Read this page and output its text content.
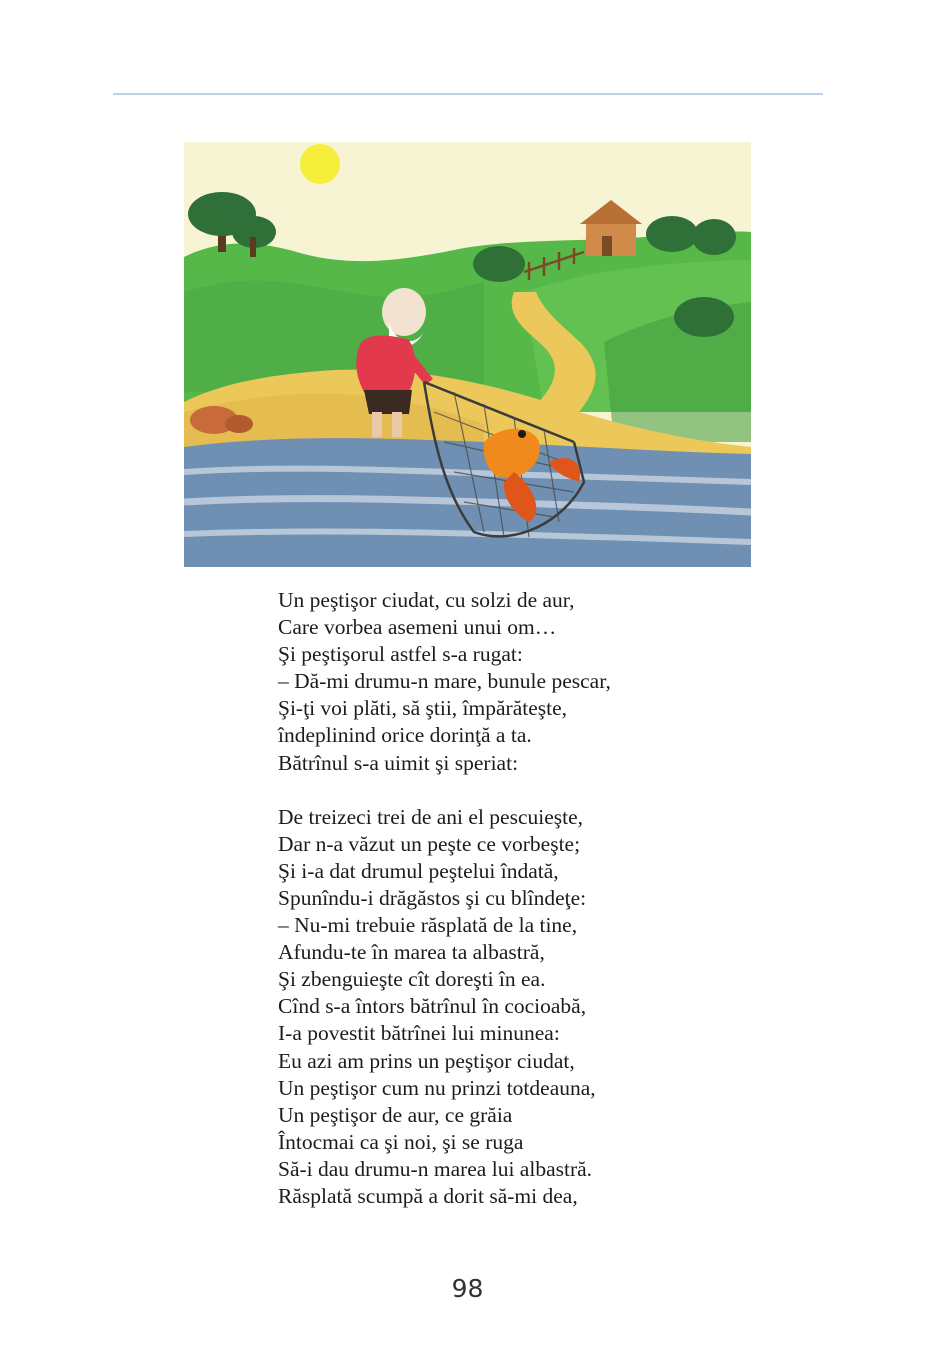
Un peştişor ciudat, cu solzi de aur,
Care vorbea asemeni unui om…
Şi peştişorul astfel s-a rugat:
– Dă-mi drumu-n mare, bunule pescar,
Şi-ţi voi plăti, să ştii, împărăteşte,
îndeplinind orice dorinţă a ta.
Bătrînul s-a uimit şi speriat:
De treizeci trei de ani el pescuieşte,
Dar n-a văzut un peşte ce vorbeşte;
Şi i-a dat drumul peştelui îndată,
Spunîndu-i drăgăstos şi cu blîndeţe:
– Nu-mi trebuie răsplată de la tine,
Afundu-te în marea ta albastră,
Şi zbenguieşte cît doreşti în ea.
Cînd s-a întors bătrînul în cocioabă,
I-a povestit bătrînei lui minunea:
Eu azi am prins un peştişor ciudat,
Un peştişor cum nu prinzi totdeauna,
Un peştişor de aur, ce grăia
Întocmai ca şi noi, şi se ruga
Să-i dau drumu-n marea lui albastră.
Răsplată scumpă a dorit să-mi dea,
98
